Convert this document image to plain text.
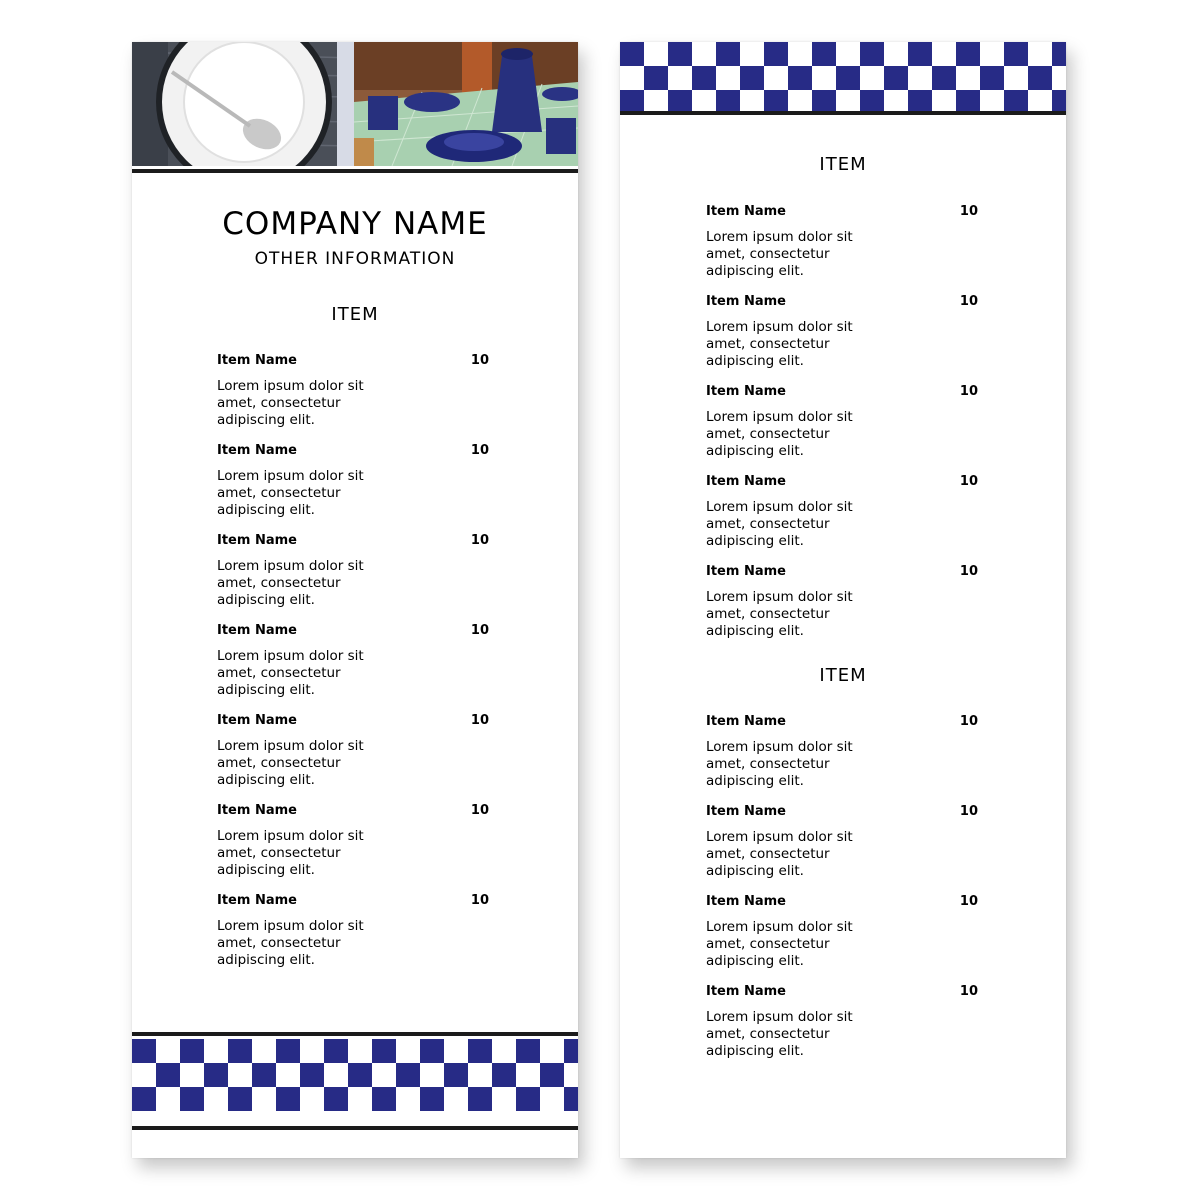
COMPANY NAME
OTHER INFORMATION
ITEM
Item Name	10
Lorem ipsum dolor sit amet, consectetur adipiscing elit.
Item Name	10
Lorem ipsum dolor sit amet, consectetur adipiscing elit.
Item Name	10
Lorem ipsum dolor sit amet, consectetur adipiscing elit.
Item Name	10
Lorem ipsum dolor sit amet, consectetur adipiscing elit.
Item Name	10
Lorem ipsum dolor sit amet, consectetur adipiscing elit.
Item Name	10
Lorem ipsum dolor sit amet, consectetur adipiscing elit.
Item Name	10
Lorem ipsum dolor sit amet, consectetur adipiscing elit.
ITEM
Item Name	10
Lorem ipsum dolor sit amet, consectetur adipiscing elit.
Item Name	10
Lorem ipsum dolor sit amet, consectetur adipiscing elit.
Item Name	10
Lorem ipsum dolor sit amet, consectetur adipiscing elit.
Item Name	10
Lorem ipsum dolor sit amet, consectetur adipiscing elit.
Item Name	10
Lorem ipsum dolor sit amet, consectetur adipiscing elit.
ITEM
Item Name	10
Lorem ipsum dolor sit amet, consectetur adipiscing elit.
Item Name	10
Lorem ipsum dolor sit amet, consectetur adipiscing elit.
Item Name	10
Lorem ipsum dolor sit amet, consectetur adipiscing elit.
Item Name	10
Lorem ipsum dolor sit amet, consectetur adipiscing elit.
